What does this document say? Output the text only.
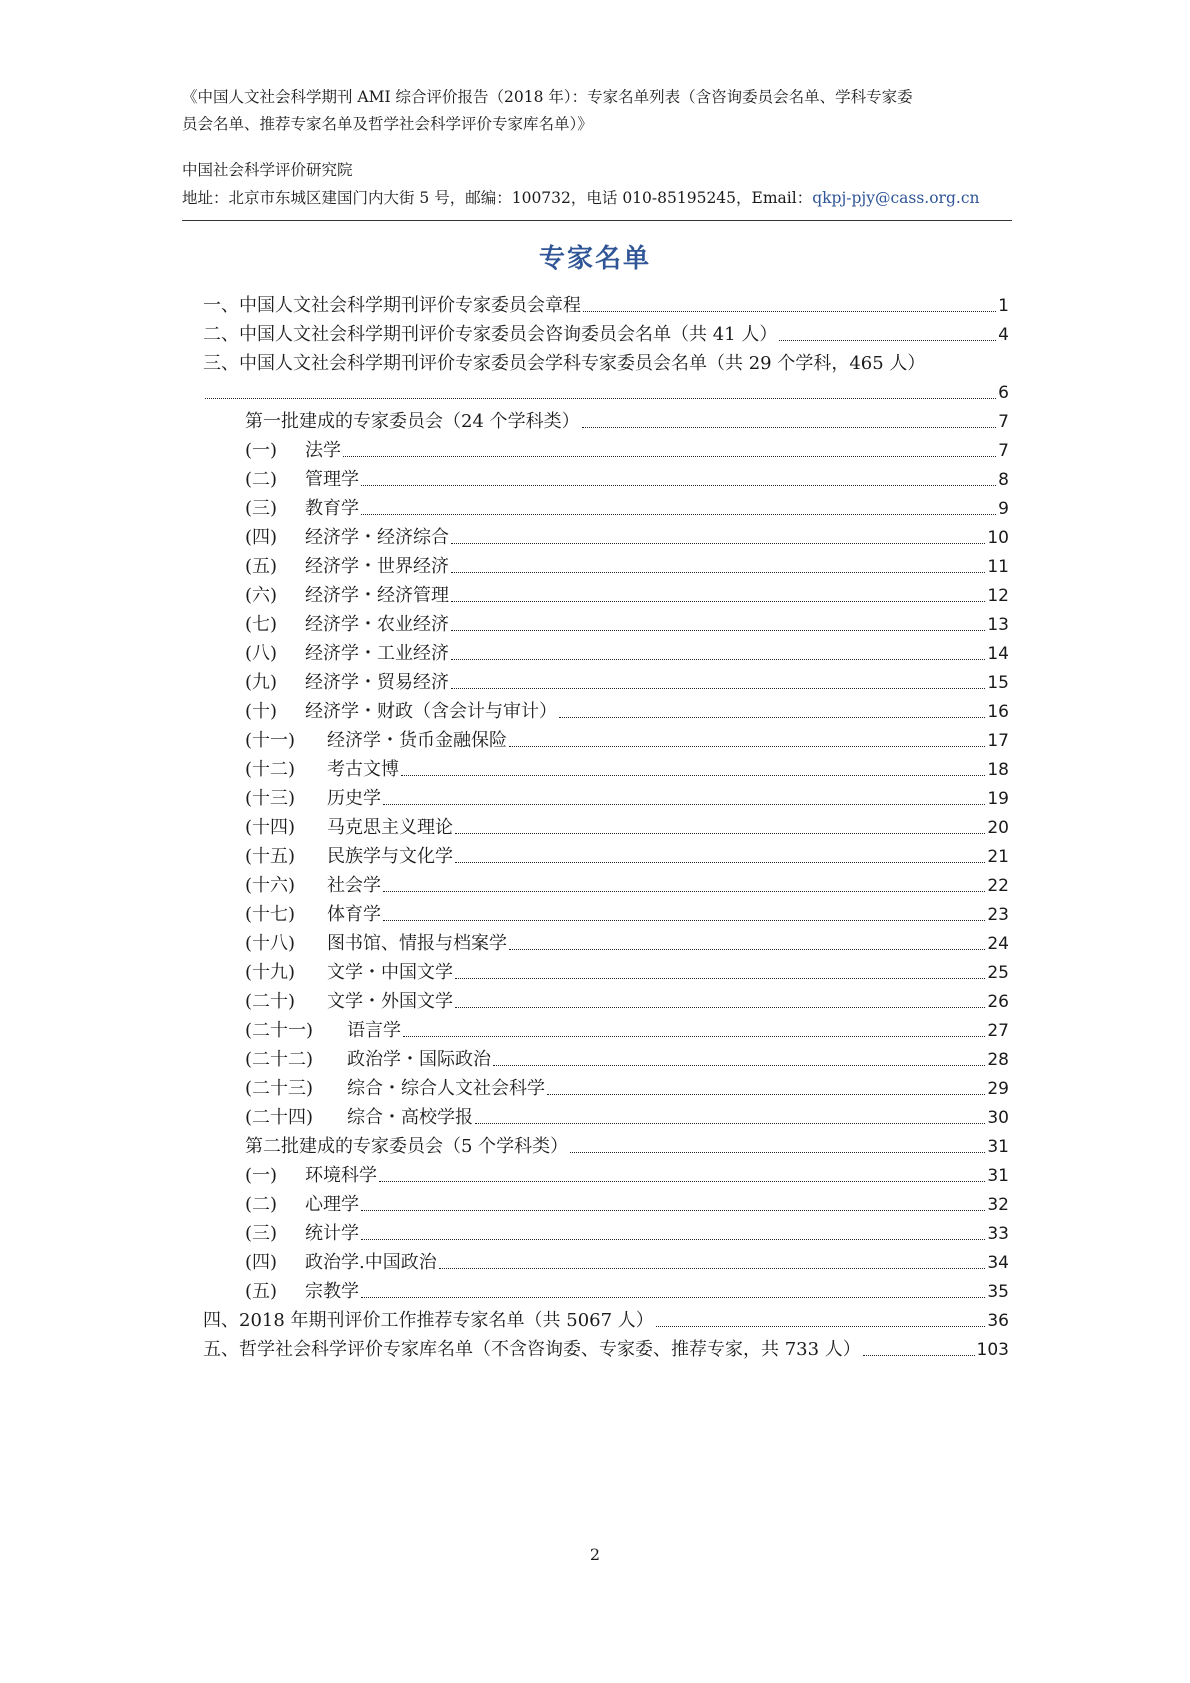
《中国人文社会科学期刊 AMI 综合评价报告（2018 年）：专家名单列表（含咨询委员会名单、学科专家委

员会名单、推荐专家名单及哲学社会科学评价专家库名单）》

中国社会科学评价研究院

地址：北京市东城区建国门内大街 5 号，邮编：100732，电话 010-85195245，Email：qkpj-pjy@cass.org.cn

专家名单
一、中国人文社会科学期刊评价专家委员会章程	1
二、中国人文社会科学期刊评价专家委员会咨询委员会名单（共 41 人）	4
三、中国人文社会科学期刊评价专家委员会学科专家委员会名单（共 29 个学科，465 人）
6
第一批建成的专家委员会（24 个学科类）	7
(一)	法学	7
(二)	管理学	8
(三)	教育学	9
(四)	经济学・经济综合	10
(五)	经济学・世界经济	11
(六)	经济学・经济管理	12
(七)	经济学・农业经济	13
(八)	经济学・工业经济	14
(九)	经济学・贸易经济	15
(十)	经济学・财政（含会计与审计）	16
(十一)	经济学・货币金融保险	17
(十二)	考古文博	18
(十三)	历史学	19
(十四)	马克思主义理论	20
(十五)	民族学与文化学	21
(十六)	社会学	22
(十七)	体育学	23
(十八)	图书馆、情报与档案学	24
(十九)	文学・中国文学	25
(二十)	文学・外国文学	26
(二十一)	语言学	27
(二十二)	政治学・国际政治	28
(二十三)	综合・综合人文社会科学	29
(二十四)	综合・高校学报	30
第二批建成的专家委员会（5 个学科类）	31
(一)	环境科学	31
(二)	心理学	32
(三)	统计学	33
(四)	政治学.中国政治	34
(五)	宗教学	35
四、2018 年期刊评价工作推荐专家名单（共 5067 人）	36
五、哲学社会科学评价专家库名单（不含咨询委、专家委、推荐专家，共 733 人）	103
2
